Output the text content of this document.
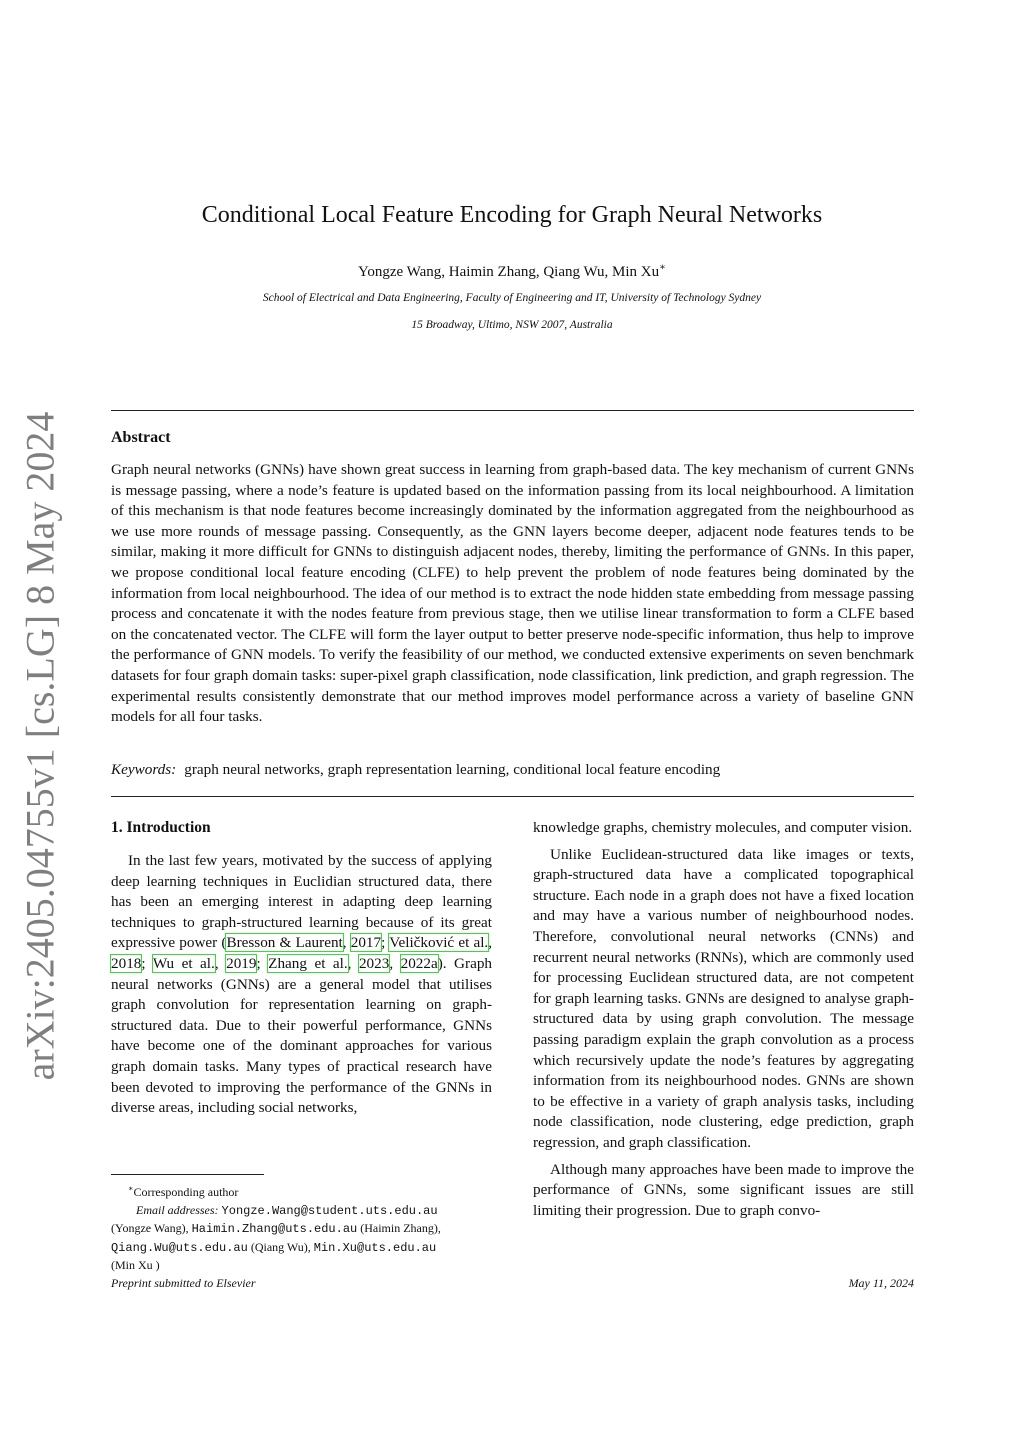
arXiv:2405.04755v1 [cs.LG] 8 May 2024
Conditional Local Feature Encoding for Graph Neural Networks
Yongze Wang, Haimin Zhang, Qiang Wu, Min Xu∗
School of Electrical and Data Engineering, Faculty of Engineering and IT, University of Technology Sydney
15 Broadway, Ultimo, NSW 2007, Australia
Abstract
Graph neural networks (GNNs) have shown great success in learning from graph-based data. The key mechanism of current GNNs is message passing, where a node’s feature is updated based on the information passing from its local neighbourhood. A limitation of this mechanism is that node features become increasingly dominated by the information aggregated from the neighbourhood as we use more rounds of message passing. Consequently, as the GNN layers become deeper, adjacent node features tends to be similar, making it more difficult for GNNs to distinguish adjacent nodes, thereby, limiting the performance of GNNs. In this paper, we propose conditional local feature encoding (CLFE) to help prevent the problem of node features being dominated by the information from local neighbourhood. The idea of our method is to extract the node hidden state embedding from message passing process and concatenate it with the nodes feature from previous stage, then we utilise linear transformation to form a CLFE based on the concatenated vector. The CLFE will form the layer output to better preserve node-specific information, thus help to improve the performance of GNN models. To verify the feasibility of our method, we conducted extensive experiments on seven benchmark datasets for four graph domain tasks: super-pixel graph classification, node classification, link prediction, and graph regression. The experimental results consistently demonstrate that our method improves model performance across a variety of baseline GNN models for all four tasks.
Keywords: graph neural networks, graph representation learning, conditional local feature encoding
1. Introduction

In the last few years, motivated by the success of applying deep learning techniques in Euclidian structured data, there has been an emerging interest in adapting deep learning techniques to graph-structured learning because of its great expressive power (Bresson & Laurent, 2017; Veličković et al., 2018; Wu et al., 2019; Zhang et al., 2023, 2022a). Graph neural networks (GNNs) are a general model that utilises graph convolution for representation learning on graph-structured data. Due to their powerful performance, GNNs have become one of the dominant approaches for various graph domain tasks. Many types of practical research have been devoted to improving the performance of the GNNs in diverse areas, including social networks,

∗Corresponding author
Email addresses: Yongze.Wang@student.uts.edu.au
(Yongze Wang), Haimin.Zhang@uts.edu.au (Haimin Zhang),
Qiang.Wu@uts.edu.au (Qiang Wu), Min.Xu@uts.edu.au
(Min Xu )

knowledge graphs, chemistry molecules, and computer vision.

Unlike Euclidean-structured data like images or texts, graph-structured data have a complicated topographical structure. Each node in a graph does not have a fixed location and may have a various number of neighbourhood nodes. Therefore, convolutional neural networks (CNNs) and recurrent neural networks (RNNs), which are commonly used for processing Euclidean structured data, are not competent for graph learning tasks. GNNs are designed to analyse graph-structured data by using graph convolution. The message passing paradigm explain the graph convolution as a process which recursively update the node’s features by aggregating information from its neighbourhood nodes. GNNs are shown to be effective in a variety of graph analysis tasks, including node classification, node clustering, edge prediction, graph regression, and graph classification.

Although many approaches have been made to improve the performance of GNNs, some significant issues are still limiting their progression. Due to graph convo-

Preprint submitted to Elsevier	May 11, 2024
